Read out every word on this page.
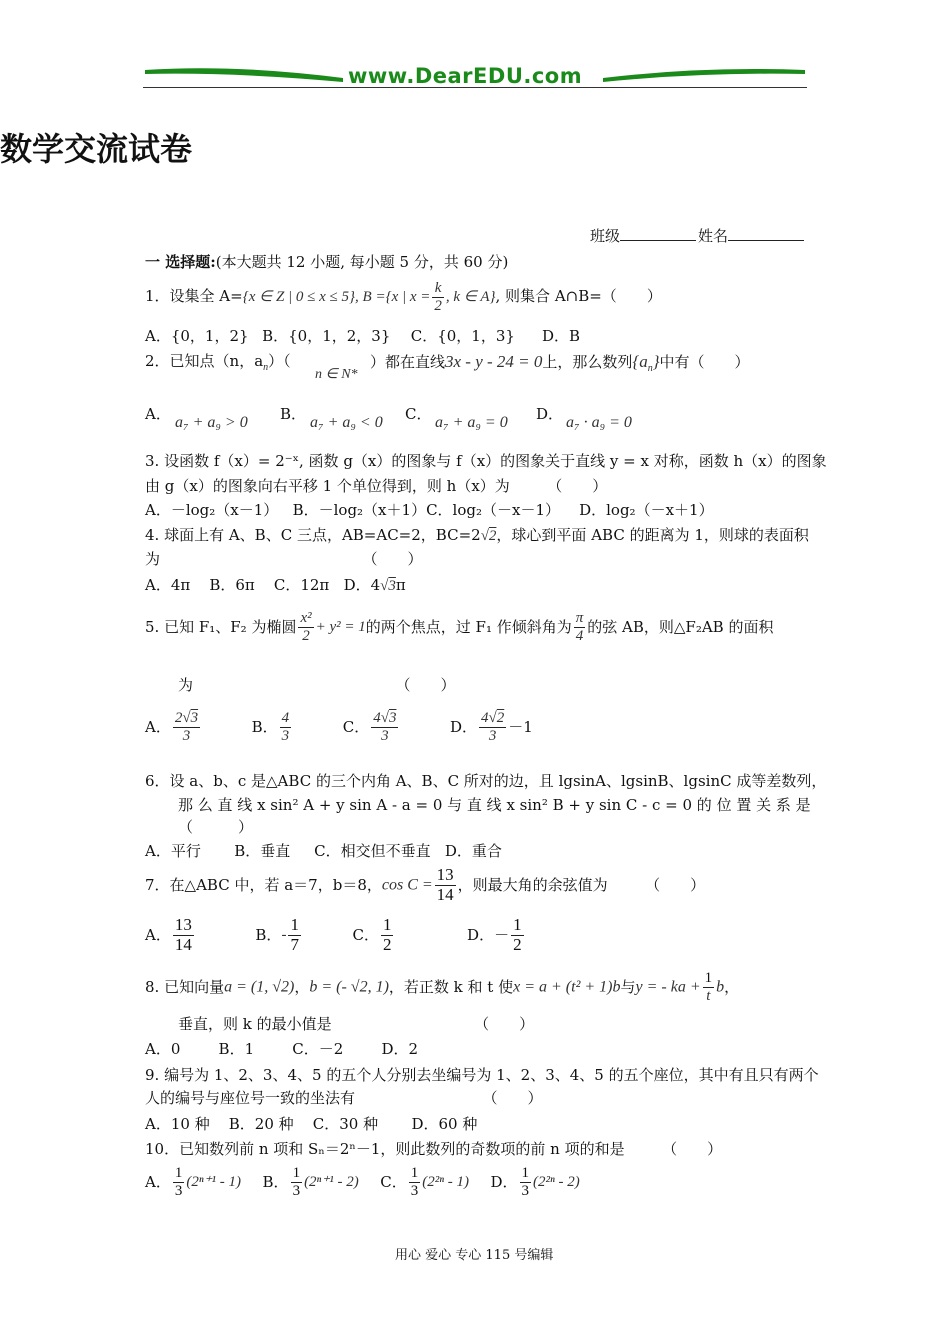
www.DearEDU.com
数学交流试卷
班级	姓名
一 选择题:(本大题共 12 小题, 每小题 5 分，共 60 分)
1．设集全 A={x ∈ Z | 0 ≤ x ≤ 5}, B ={x | $x = \frac{k}{2}$ , k ∈ A}, 则集合 A∩B=（　　）
A．{0，1，2} B．{0，1，2，3} C．{0，1，3} D．B
2．已知点（n，$a_n$）（
n ∈ N*
）都在直线3x - y - 24 = 0上，那么数列$\{a_n\}$中有（　　）
A． a₇ + a₉ > 0 B． a₇ + a₉ < 0 C． a₇ + a₉ = 0 D． a₇ · a₉ = 0
3. 设函数 f（x）= 2⁻ˣ, 函数 g（x）的图象与 f（x）的图象关于直线 y = x 对称，函数 h（x）的图象
由 g（x）的图象向右平移 1 个单位得到，则 h（x）为　　　（　　）
A．－log₂（x－1） B．－log₂（x＋1）C．log₂（－x－1） D．log₂（－x＋1）
4. 球面上有 A、B、C 三点，AB=AC=2，BC=2√2，球心到平面 ABC 的距离为 1，则球的表面积
为　　　　　　　　　　　　　　（　　）
A．4π B．6π C．12π D．4√3π
5. 已知 F₁、F₂ 为椭圆 $\frac{\text{x²}}{2} + y^2 = 1$的两个焦点，过 F₁ 作倾斜角为 $\frac{\pi}{4}$ 的弦 AB，则△F₂AB 的面积
为　　　　　　　　　　　　　　（　　）
A． $\frac{2√3}{3}$	B． $\frac{4}{3}$	C． $\frac{4√3}{3}$	D． $\frac{4√2}{3} -1$
6．设 a、b、c 是△ABC 的三个内角 A、B、C 所对的边，且 lgsinA、lgsinB、lgsinC 成等差数列，
那 么 直 线 x sin² A + y sin A - a = 0 与 直 线 x sin² B + y sin C - c = 0 的 位 置 关 系 是
（　　　）
A．平行 B．垂直 C．相交但不垂直 D．重合
7．在△ABC 中，若 a＝7，b＝8，$\cos C = \frac{13}{14}$ ，则最大角的余弦值为　　　（　　）
A． $\frac{13}{14}$	B．- $\frac{1}{7}$	C． $\frac{1}{2}$	D．－ $\frac{1}{2}$
8. 已知向量a = (1, √2)，b = (- √2, 1)，若正数 k 和 t 使x = a + (t² + 1)b与y = - ka + $\frac{1}{t}$ b，
垂直，则 k 的最小值是　　　　　　　　　　（　　）
A．0	B．1	C．－2	D．2
9. 编号为 1、2、3、4、5 的五个人分别去坐编号为 1、2、3、4、5 的五个座位，其中有且只有两个
人的编号与座位号一致的坐法有　　　　　　　　　（　　）
A．10 种 B．20 种 C．30 种 D．60 种
10．已知数列前 n 项和 Sₙ＝2ⁿ－1，则此数列的奇数项的前 n 项的和是　　　（　　）
A． $\frac{1}{3} (2^{n+1} - 1)$ B． $\frac{1}{3} (2^{n+1} - 2)$ C． $\frac{1}{3} (2^{2n} - 1)$ D． $\frac{1}{3} (2^{2n} - 2)$
用心 爱心 专心 115 号编辑
